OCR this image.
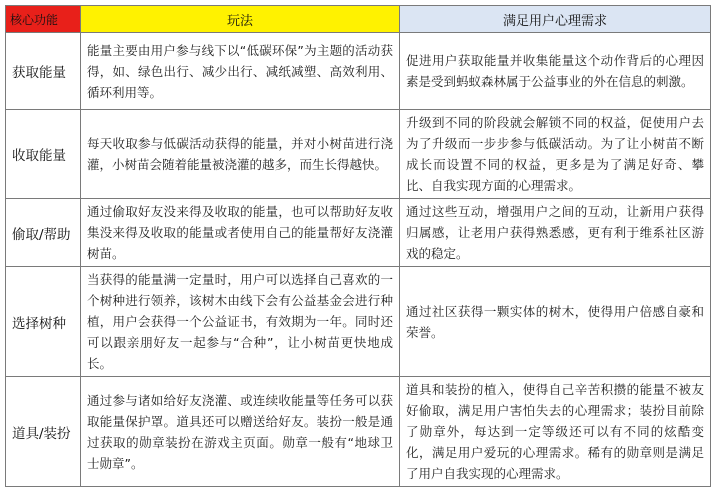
核心功能	玩法	满足用户心理需求
获取能量	能量主要由用户参与线下以“低碳环保”为主题的活动获得，如、绿色出行、减少出行、减纸减塑、高效利用、循环利用等。	促进用户获取能量并收集能量这个动作背后的心理因素是受到蚂蚁森林属于公益事业的外在信息的刺激。
收取能量	每天收取参与低碳活动获得的能量，并对小树苗进行浇灌，小树苗会随着能量被浇灌的越多，而生长得越快。	升级到不同的阶段就会解锁不同的权益，促使用户去为了升级而一步步参与低碳活动。为了让小树苗不断成长而设置不同的权益，更多是为了满足好奇、攀比、自我实现方面的心理需求。
偷取/帮助	通过偷取好友没来得及收取的能量，也可以帮助好友收集没来得及收取的能量或者使用自己的能量帮好友浇灌树苗。	通过这些互动，增强用户之间的互动，让新用户获得归属感，让老用户获得熟悉感，更有利于维系社区游戏的稳定。
选择树种	当获得的能量满一定量时，用户可以选择自己喜欢的一个树种进行领养，该树木由线下会有公益基金会进行种植，用户会获得一个公益证书，有效期为一年。同时还可以跟亲朋好友一起参与“合种”，让小树苗更快地成长。	通过社区获得一颗实体的树木，使得用户倍感自豪和荣誉。
道具/装扮	通过参与诸如给好友浇灌、或连续收能量等任务可以获取能量保护罩。道具还可以赠送给好友。装扮一般是通过获取的勋章装扮在游戏主页面。勋章一般有“地球卫士勋章”。	道具和装扮的植入，使得自己辛苦积攒的能量不被友好偷取，满足用户害怕失去的心理需求；装扮目前除了勋章外，每达到一定等级还可以有不同的炫酷变化，满足用户爱玩的心理需求。稀有的勋章则是满足了用户自我实现的心理需求。
